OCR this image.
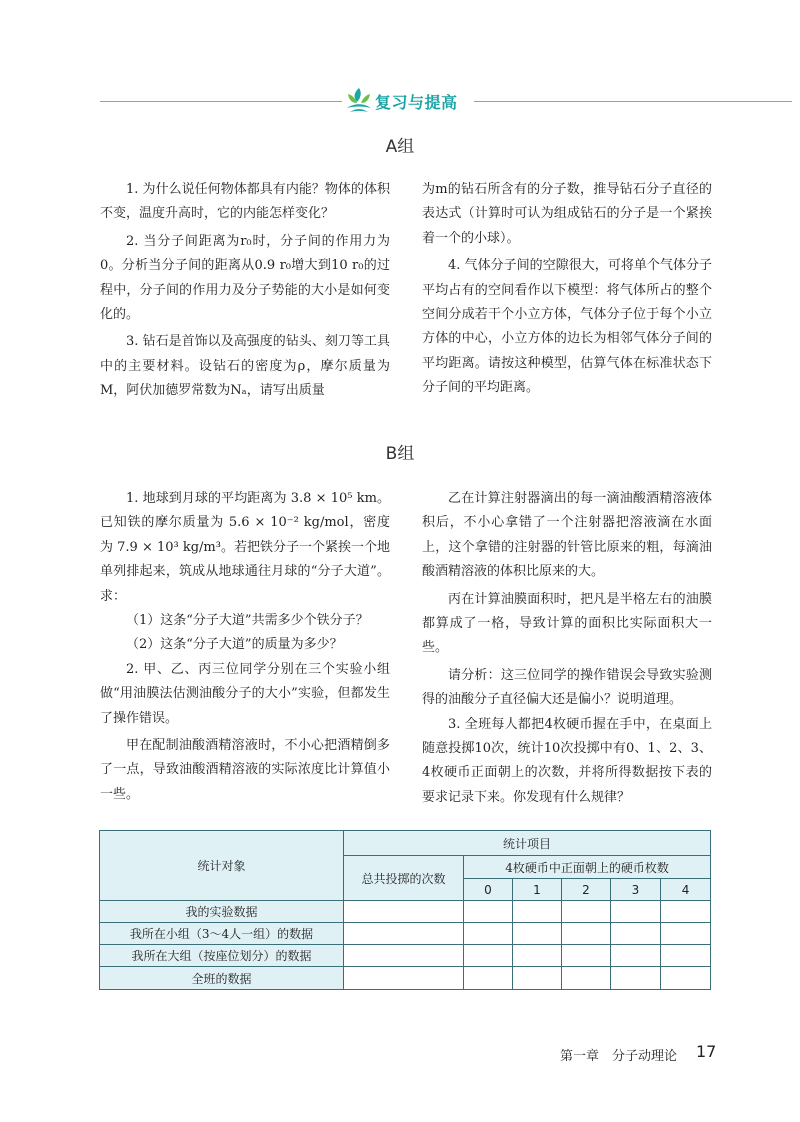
复习与提高
A组

1. 为什么说任何物体都具有内能？物体的体积不变，温度升高时，它的内能怎样变化？

2. 当分子间距离为r₀时，分子间的作用力为0。分析当分子间的距离从0.9 r₀增大到10 r₀的过程中，分子间的作用力及分子势能的大小是如何变化的。

3. 钻石是首饰以及高强度的钻头、刻刀等工具中的主要材料。设钻石的密度为ρ，摩尔质量为M，阿伏加德罗常数为Nₐ，请写出质量

为m的钻石所含有的分子数，推导钻石分子直径的表达式（计算时可认为组成钻石的分子是一个紧挨着一个的小球）。

4. 气体分子间的空隙很大，可将单个气体分子平均占有的空间看作以下模型：将气体所占的整个空间分成若干个小立方体，气体分子位于每个小立方体的中心，小立方体的边长为相邻气体分子间的平均距离。请按这种模型，估算气体在标准状态下分子间的平均距离。

B组

1. 地球到月球的平均距离为 3.8 × 10⁵ km。已知铁的摩尔质量为 5.6 × 10⁻² kg/mol，密度为 7.9 × 10³ kg/m³。若把铁分子一个紧挨一个地单列排起来，筑成从地球通往月球的“分子大道”。求：

（1）这条“分子大道”共需多少个铁分子？

（2）这条“分子大道”的质量为多少？

2. 甲、乙、丙三位同学分别在三个实验小组做“用油膜法估测油酸分子的大小”实验，但都发生了操作错误。

甲在配制油酸酒精溶液时，不小心把酒精倒多了一点，导致油酸酒精溶液的实际浓度比计算值小一些。

乙在计算注射器滴出的每一滴油酸酒精溶液体积后，不小心拿错了一个注射器把溶液滴在水面上，这个拿错的注射器的针管比原来的粗，每滴油酸酒精溶液的体积比原来的大。

丙在计算油膜面积时，把凡是半格左右的油膜都算成了一格，导致计算的面积比实际面积大一些。

请分析：这三位同学的操作错误会导致实验测得的油酸分子直径偏大还是偏小？说明道理。

3. 全班每人都把4枚硬币握在手中，在桌面上随意投掷10次，统计10次投掷中有0、1、2、3、4枚硬币正面朝上的次数，并将所得数据按下表的要求记录下来。你发现有什么规律？

统计对象	统计项目					
	总共投掷的次数	4枚硬币中正面朝上的硬币枚数				
		0	1	2	3	4
我的实验数据						
我所在小组（3～4人一组）的数据						
我所在大组（按座位划分）的数据						
全班的数据						
第一章　分子动理论 17
